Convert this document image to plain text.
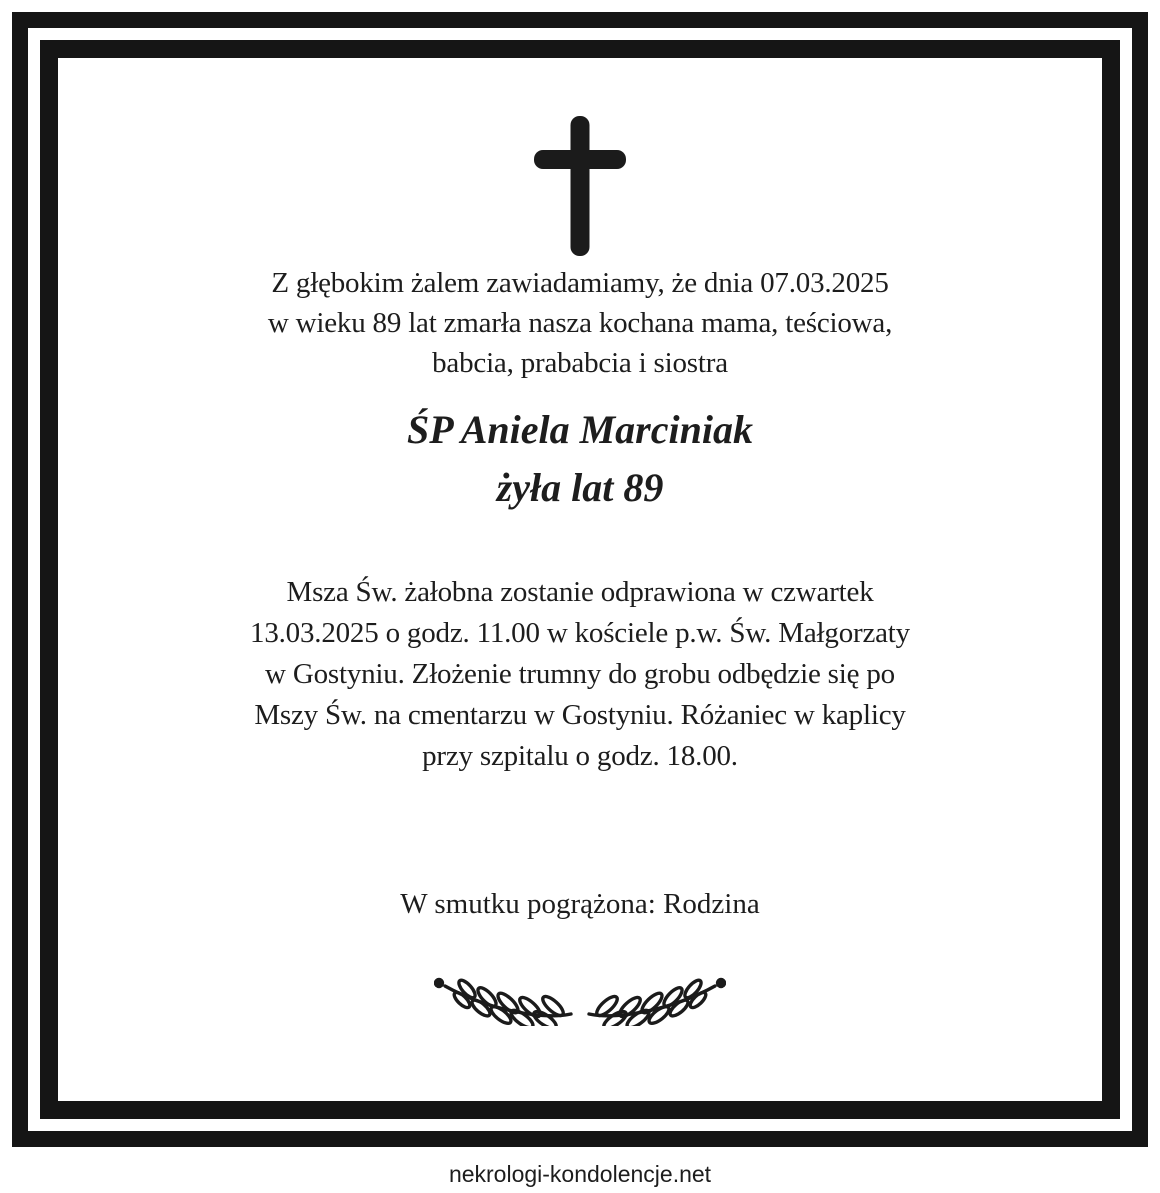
Z głębokim żalem zawiadamiamy, że dnia 07.03.2025
w wieku 89 lat zmarła nasza kochana mama, teściowa,
babcia, prababcia i siostra
ŚP Aniela Marciniak
żyła lat 89
Msza Św. żałobna zostanie odprawiona w czwartek
13.03.2025 o godz. 11.00 w kościele p.w. Św. Małgorzaty
w Gostyniu. Złożenie trumny do grobu odbędzie się po
Mszy Św. na cmentarzu w Gostyniu. Różaniec w kaplicy
przy szpitalu o godz. 18.00.
W smutku pogrążona: Rodzina
nekrologi-kondolencje.net
